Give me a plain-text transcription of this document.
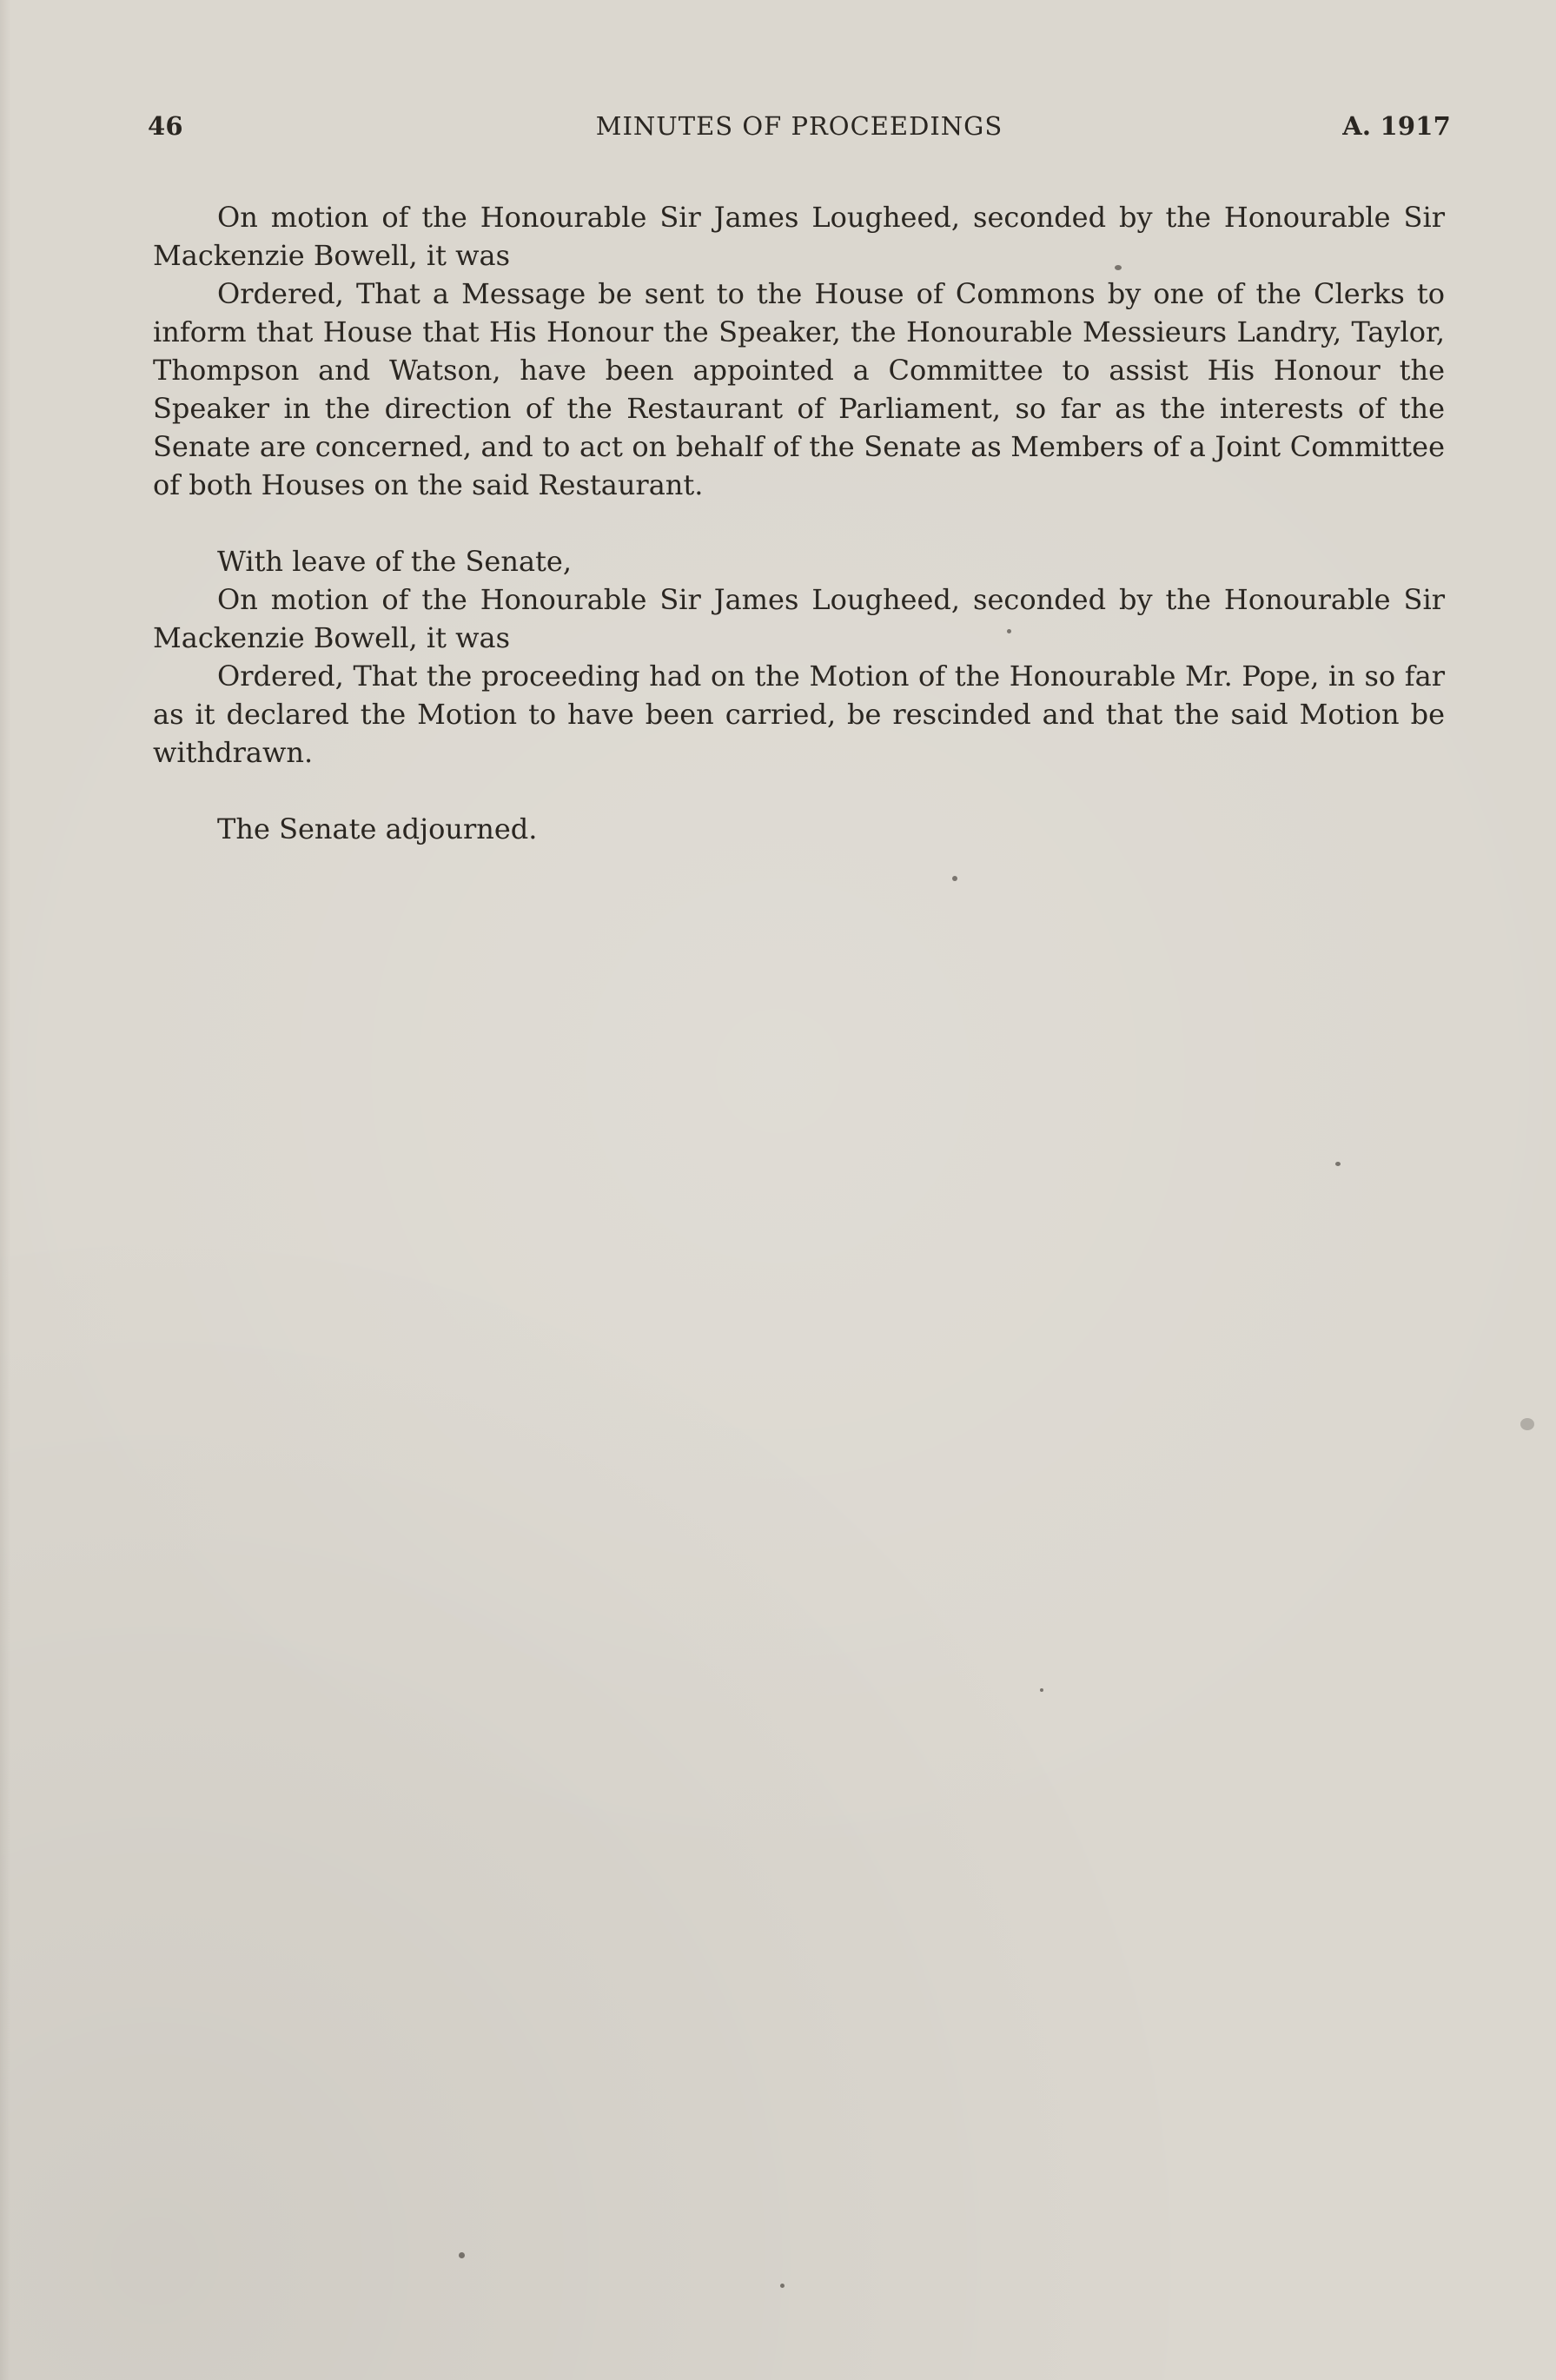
46	MINUTES OF PROCEEDINGS	A. 1917

On motion of the Honourable Sir James Lougheed, seconded by the Honourable Sir Mackenzie Bowell, it was

Ordered, That a Message be sent to the House of Commons by one of the Clerks to inform that House that His Honour the Speaker, the Honourable Messieurs Landry, Taylor, Thompson and Watson, have been appointed a Committee to assist His Honour the Speaker in the direction of the Restaurant of Parliament, so far as the interests of the Senate are concerned, and to act on behalf of the Senate as Members of a Joint Committee of both Houses on the said Restaurant.

With leave of the Senate,

On motion of the Honourable Sir James Lougheed, seconded by the Honourable Sir Mackenzie Bowell, it was

Ordered, That the proceeding had on the Motion of the Honourable Mr. Pope, in so far as it declared the Motion to have been carried, be rescinded and that the said Motion be withdrawn.

The Senate adjourned.
